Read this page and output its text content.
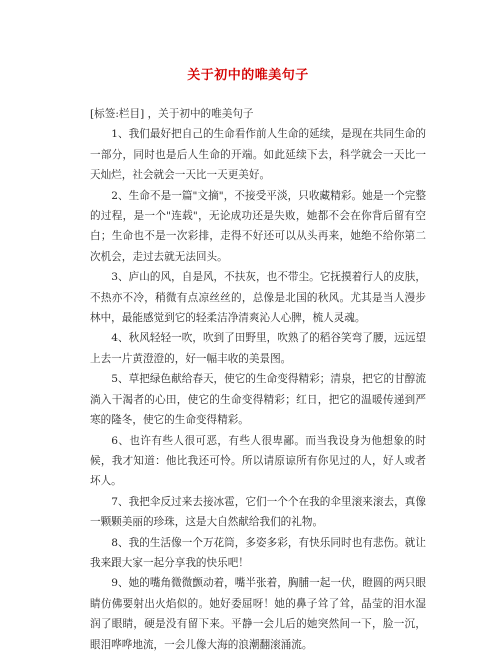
关于初中的唯美句子

[标签:栏目] ，关于初中的唯美句子

1、我们最好把自己的生命看作前人生命的延续，是现在共同生命的一部分，同时也是后人生命的开端。如此延续下去，科学就会一天比一天灿烂，社会就会一天比一天更美好。

2、生命不是一篇"文摘"，不接受平淡，只收藏精彩。她是一个完整的过程，是一个"连载"，无论成功还是失败，她都不会在你背后留有空白；生命也不是一次彩排，走得不好还可以从头再来，她绝不给你第二次机会，走过去就无法回头。

3、庐山的风，自是风，不扶灰，也不带尘。它抚摸着行人的皮肤，不热亦不冷，稍微有点凉丝丝的，总像是北国的秋风。尤其是当人漫步林中，最能感觉到它的轻柔洁净清爽沁人心脾，梳人灵魂。

4、秋风轻轻一吹，吹到了田野里，吹熟了的稻谷笑弯了腰，远远望上去一片黄澄澄的，好一幅丰收的美景图。

5、草把绿色献给春天，使它的生命变得精彩；清泉，把它的甘醇流淌入干渴者的心田，使它的生命变得精彩；红日，把它的温暖传递到严寒的隆冬，使它的生命变得精彩。

6、也许有些人很可恶，有些人很卑鄙。而当我设身为他想象的时候，我才知道：他比我还可怜。所以请原谅所有你见过的人，好人或者坏人。

7、我把伞反过来去接冰雹，它们一个个在我的伞里滚来滚去，真像一颗颗美丽的珍珠，这是大自然献给我们的礼物。

8、我的生活像一个万花筒，多姿多彩，有快乐同时也有悲伤。就让我来跟大家一起分享我的快乐吧！

9、她的嘴角微微颤动着，嘴半张着，胸脯一起一伏，瞪圆的两只眼睛仿佛要射出火焰似的。她好委屈呀！她的鼻子耸了耸，晶莹的泪水湿润了眼睛，硬是没有留下来。平静一会儿后的她突然间一下，脸一沉，眼泪哗哗地流，一会儿像大海的浪潮翻滚涌流。
